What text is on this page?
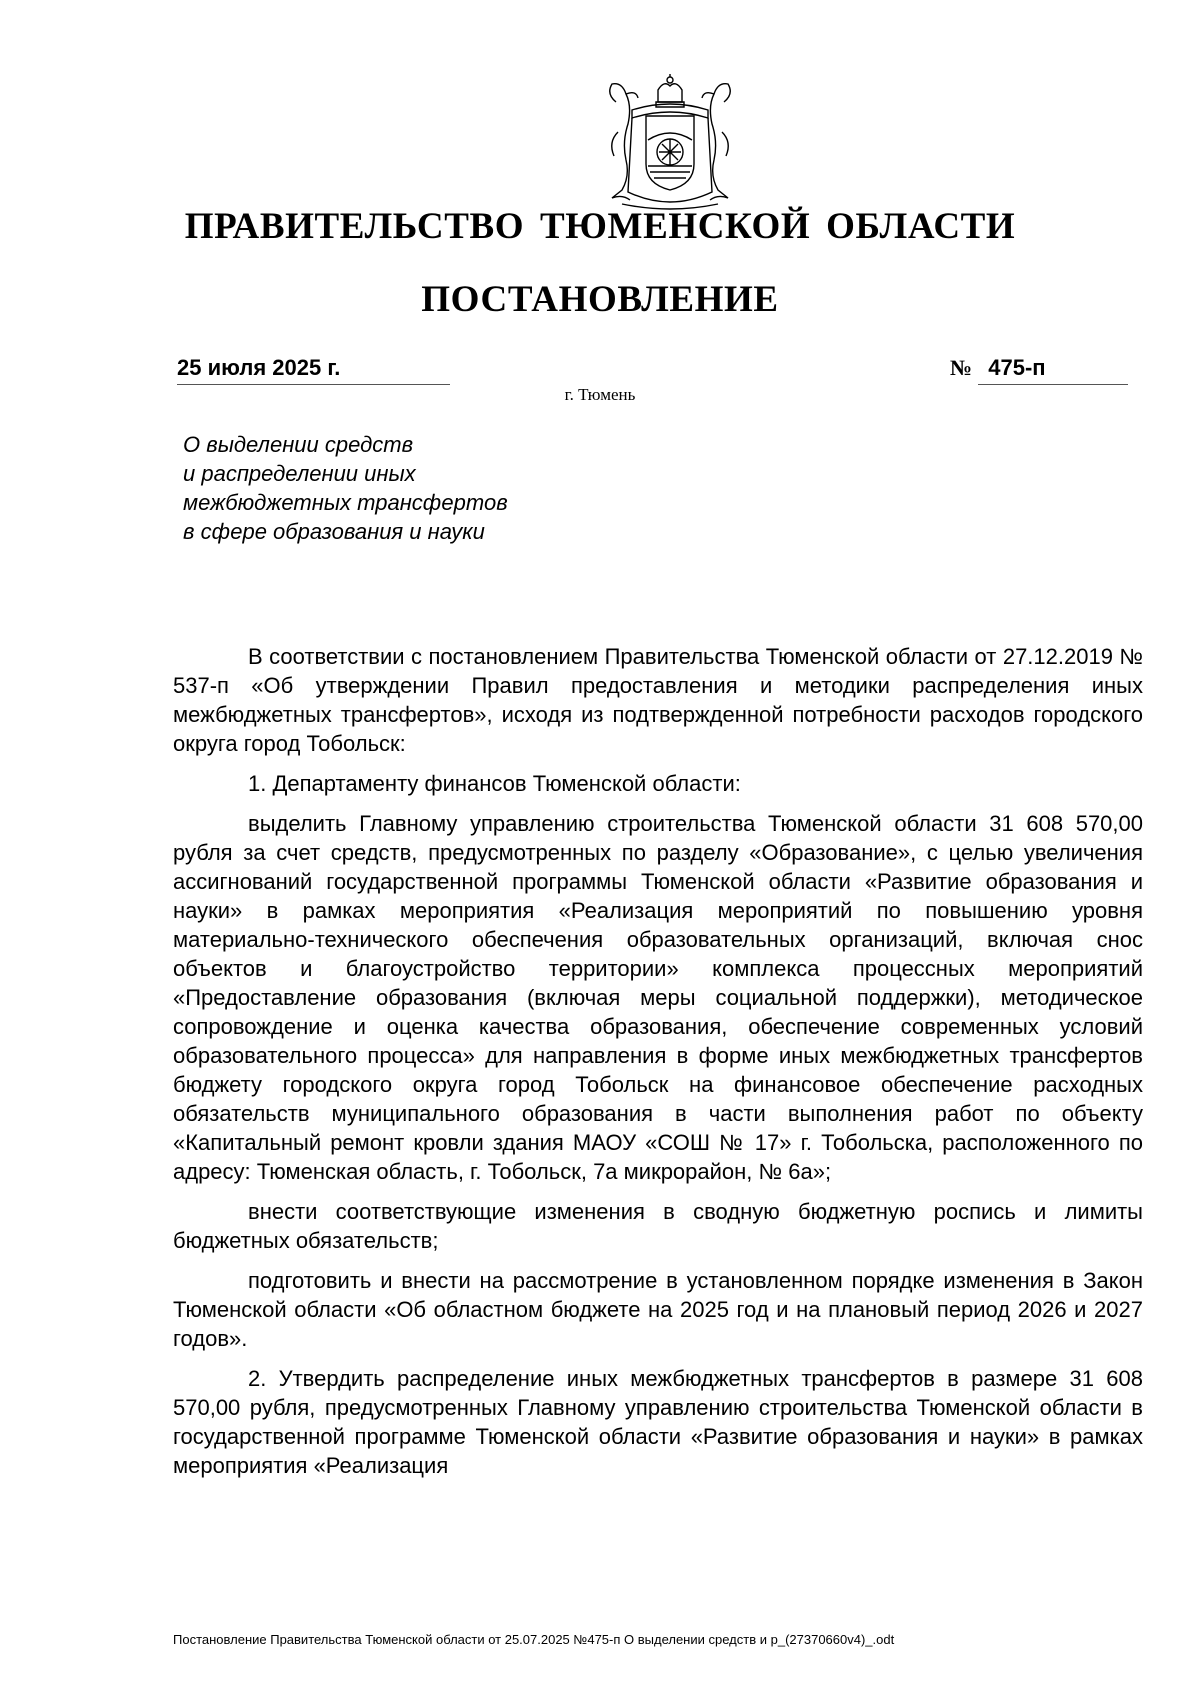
ПРАВИТЕЛЬСТВО ТЮМЕНСКОЙ ОБЛАСТИ
ПОСТАНОВЛЕНИЕ
25 июля 2025 г.	№ 475-п
г. Тюмень
О выделении средств
и распределении иных
межбюджетных трансфертов
в сфере образования и науки

В соответствии с постановлением Правительства Тюменской области от 27.12.2019 № 537-п «Об утверждении Правил предоставления и методики распределения иных межбюджетных трансфертов», исходя из подтвержденной потребности расходов городского округа город Тобольск:

1. Департаменту финансов Тюменской области:

выделить Главному управлению строительства Тюменской области 31 608 570,00 рубля за счет средств, предусмотренных по разделу «Образование», с целью увеличения ассигнований государственной программы Тюменской области «Развитие образования и науки» в рамках мероприятия «Реализация мероприятий по повышению уровня материально-технического обеспечения образовательных организаций, включая снос объектов и благоустройство территории» комплекса процессных мероприятий «Предоставление образования (включая меры социальной поддержки), методическое сопровождение и оценка качества образования, обеспечение современных условий образовательного процесса» для направления в форме иных межбюджетных трансфертов бюджету городского округа город Тобольск на финансовое обеспечение расходных обязательств муниципального образования в части выполнения работ по объекту «Капитальный ремонт кровли здания МАОУ «СОШ № 17» г. Тобольска, расположенного по адресу: Тюменская область, г. Тобольск, 7а микрорайон, № 6а»;

внести соответствующие изменения в сводную бюджетную роспись и лимиты бюджетных обязательств;

подготовить и внести на рассмотрение в установленном порядке изменения в Закон Тюменской области «Об областном бюджете на 2025 год и на плановый период 2026 и 2027 годов».

2. Утвердить распределение иных межбюджетных трансфертов в размере 31 608 570,00 рубля, предусмотренных Главному управлению строительства Тюменской области в государственной программе Тюменской области «Развитие образования и науки» в рамках мероприятия «Реализация

Постановление Правительства Тюменской области от 25.07.2025 №475-п О выделении средств и р_(27370660v4)_.odt
